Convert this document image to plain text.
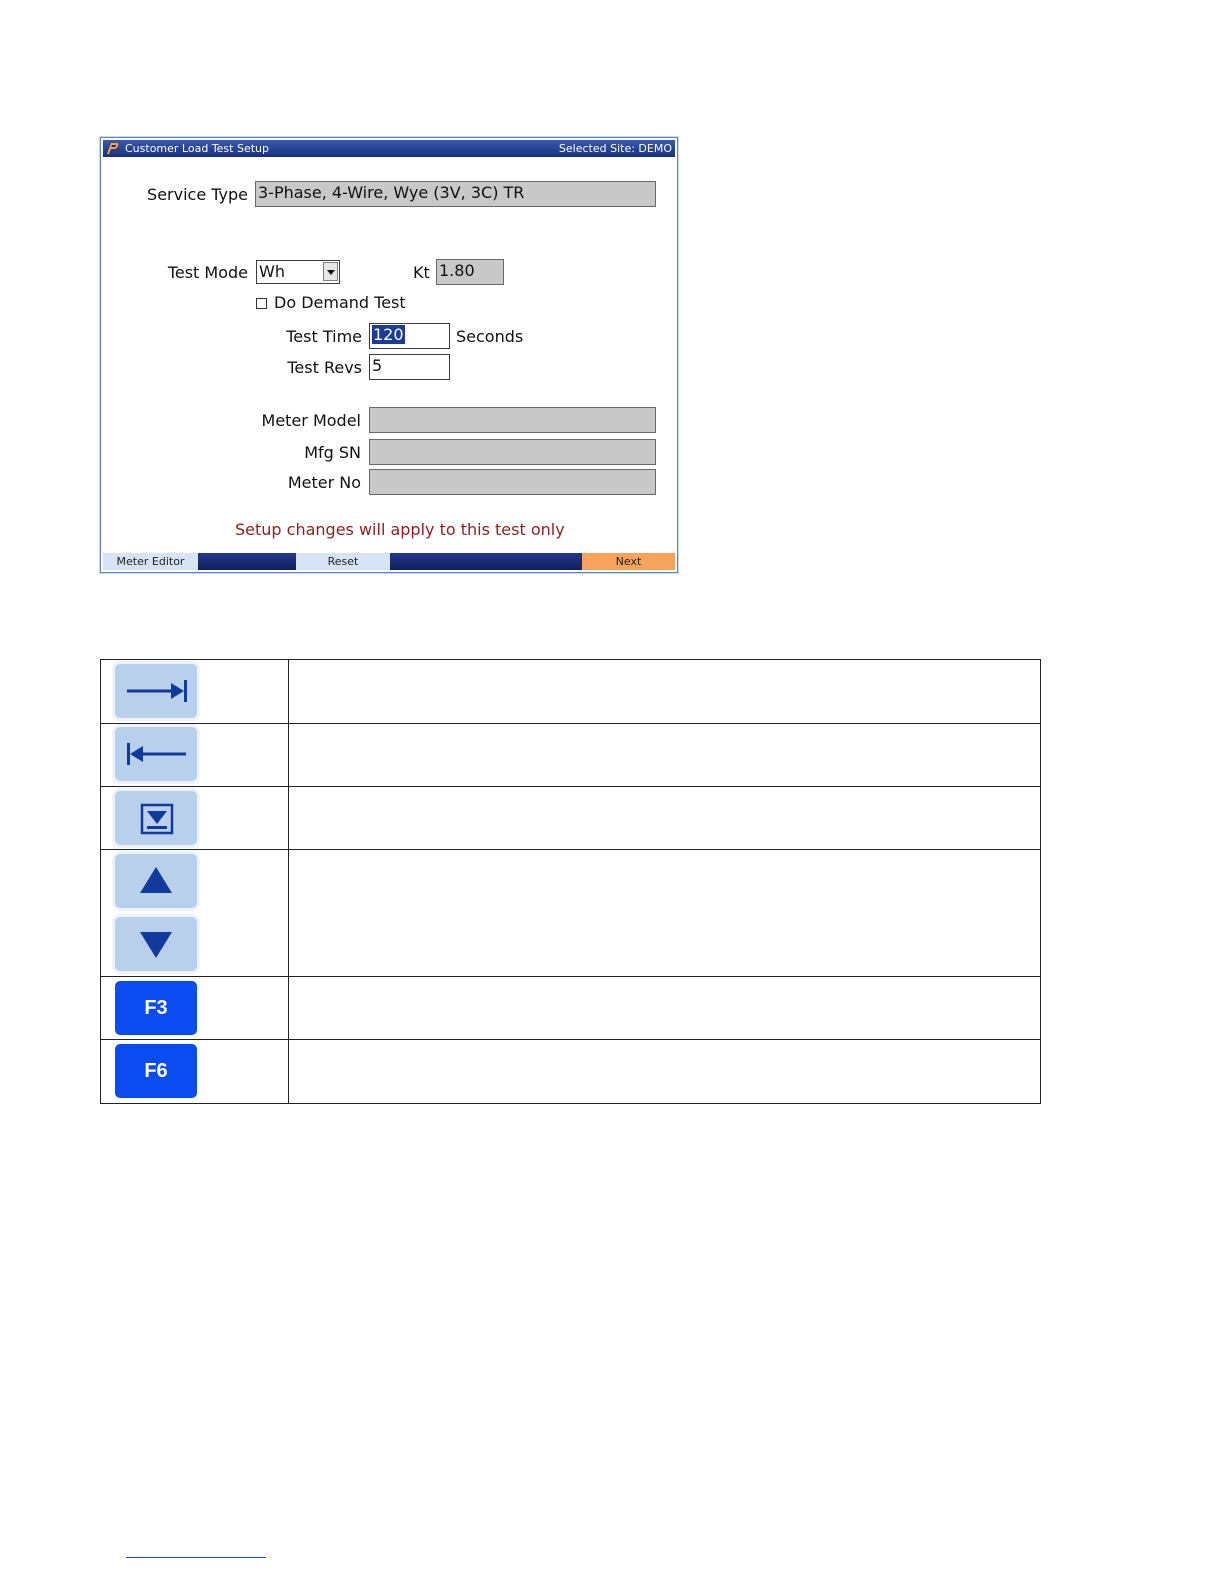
Customer Load Test Setup	Selected Site: DEMO
Service Type 3-Phase, 4-Wire, Wye (3V, 3C) TR
Test Mode Wh	Kt 1.80
Do Demand Test
Test Time 120	Seconds
Test Revs 5
Meter Model
Mfg SN
Meter No
Setup changes will apply to this test only
Meter Editor	Reset	Next
F3
F6
